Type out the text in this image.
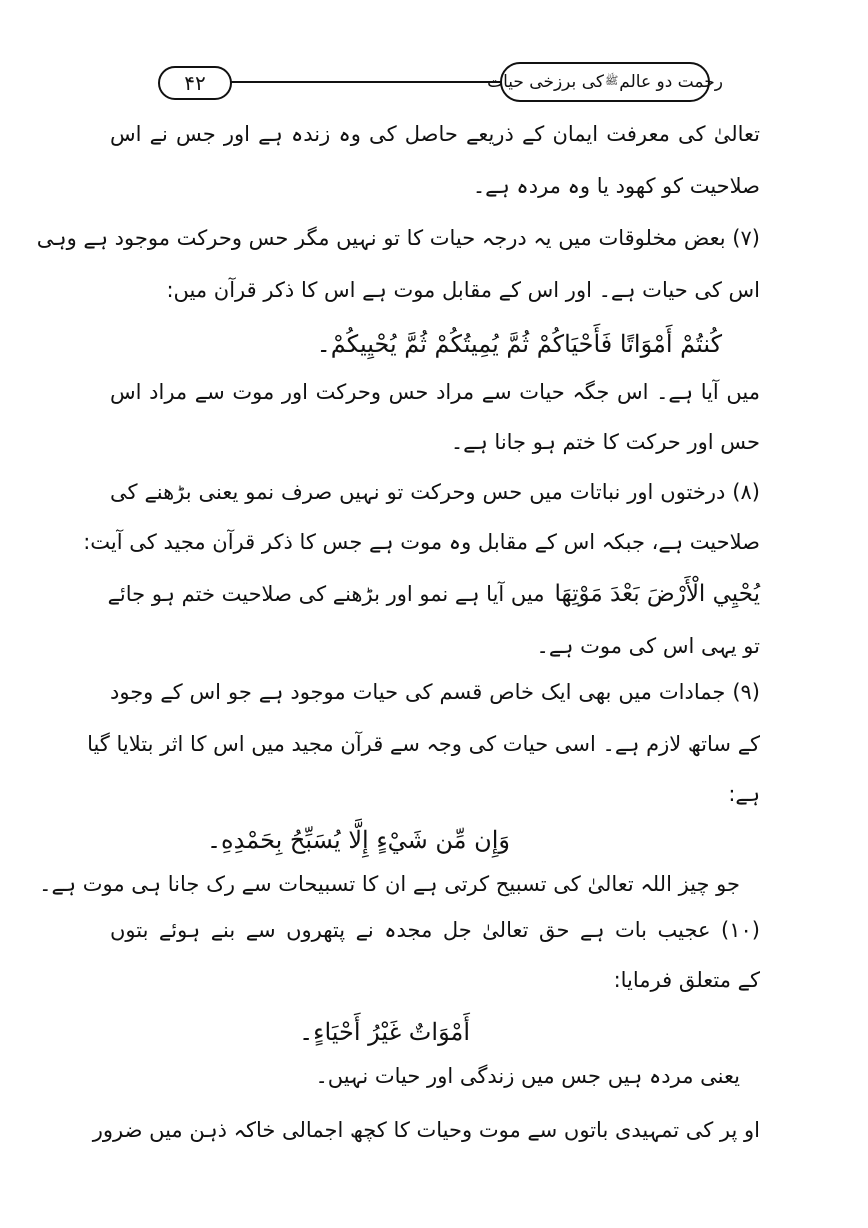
۴۲	رحمت دو عالم
ﷺ
کی برزخی حیات
تعالیٰ کی معرفت ایمان کے ذریعے حاصل کی وہ زندہ ہے اور جس نے اس
صلاحیت کو کھود یا وہ مردہ ہے۔
(۷) بعض مخلوقات میں یہ درجہ حیات کا تو نہیں مگر حس وحرکت موجود ہے وہی
اس کی حیات ہے۔ اور اس کے مقابل موت ہے اس کا ذکر قرآن میں:
كُنتُمْ أَمْوَاتًا فَأَحْيَاكُمْ ثُمَّ يُمِيتُكُمْ ثُمَّ يُحْيِيكُمْ۔
میں آیا ہے۔ اس جگہ حیات سے مراد حس وحرکت اور موت سے مراد اس
حس اور حرکت کا ختم ہو جانا ہے۔
(۸) درختوں اور نباتات میں حس وحرکت تو نہیں صرف نمو یعنی بڑھنے کی
صلاحیت ہے، جبکہ اس کے مقابل وہ موت ہے جس کا ذکر قرآن مجید کی آیت:
يُحْيِي الْأَرْضَ بَعْدَ مَوْتِهَا
میں آیا ہے نمو اور بڑھنے کی صلاحیت ختم ہو جائے
تو یہی اس کی موت ہے۔
(۹) جمادات میں بھی ایک خاص قسم کی حیات موجود ہے جو اس کے وجود
کے ساتھ لازم ہے۔ اسی حیات کی وجہ سے قرآن مجید میں اس کا اثر بتلایا گیا
ہے:
وَإِن مِّن شَيْءٍ إِلَّا يُسَبِّحُ بِحَمْدِهِ۔
جو چیز اللہ تعالیٰ کی تسبیح کرتی ہے ان کا تسبیحات سے رک جانا ہی موت ہے۔
(۱۰) عجیب بات ہے حق تعالیٰ جل مجدہ نے پتھروں سے بنے ہوئے بتوں
کے متعلق فرمایا:
أَمْوَاتٌ غَيْرُ أَحْيَاءٍ۔
یعنی مردہ ہیں جس میں زندگی اور حیات نہیں۔
او پر کی تمہیدی باتوں سے موت وحیات کا کچھ اجمالی خاکہ ذہن میں ضرور
